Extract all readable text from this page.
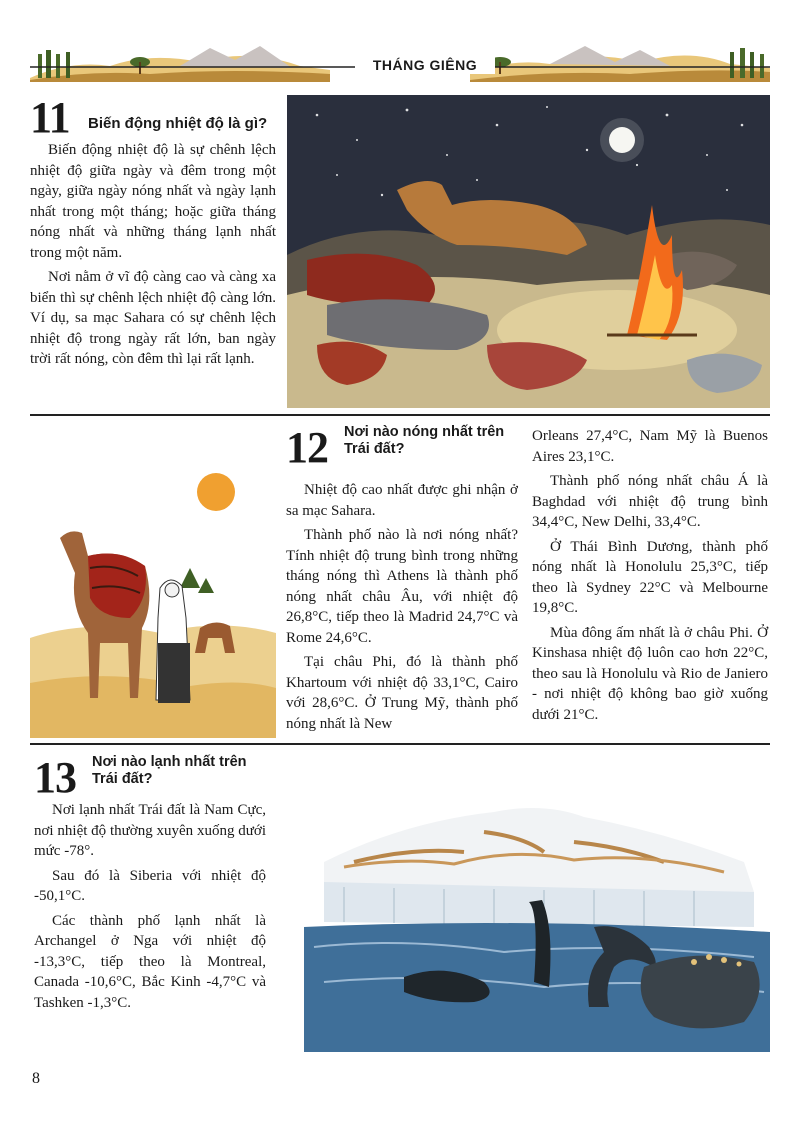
THÁNG GIÊNG
11 Biến động nhiệt độ là gì?

Biến động nhiệt độ là sự chênh lệch nhiệt độ giữa ngày và đêm trong một ngày, giữa ngày nóng nhất và ngày lạnh nhất trong một tháng; hoặc giữa tháng nóng nhất và những tháng lạnh nhất trong một năm.

Nơi nằm ở vĩ độ càng cao và càng xa biển thì sự chênh lệch nhiệt độ càng lớn. Ví dụ, sa mạc Sahara có sự chênh lệch nhiệt độ trong ngày rất lớn, ban ngày trời rất nóng, còn đêm thì lại rất lạnh.

12 Nơi nào nóng nhất trên
Trái đất?

Nhiệt độ cao nhất được ghi nhận ở sa mạc Sahara.

Thành phố nào là nơi nóng nhất? Tính nhiệt độ trung bình trong những tháng nóng thì Athens là thành phố nóng nhất châu Âu, với nhiệt độ 26,8°C, tiếp theo là Madrid 24,7°C và Rome 24,6°C.

Tại châu Phi, đó là thành phố Khartoum với nhiệt độ 33,1°C, Cairo với 28,6°C. Ở Trung Mỹ, thành phố nóng nhất là New

Orleans 27,4°C, Nam Mỹ là Buenos Aires 23,1°C.

Thành phố nóng nhất châu Á là Baghdad với nhiệt độ trung bình 34,4°C, New Delhi, 33,4°C.

Ở Thái Bình Dương, thành phố nóng nhất là Honolulu 25,3°C, tiếp theo là Sydney 22°C và Melbourne 19,8°C.

Mùa đông ấm nhất là ở châu Phi. Ở Kinshasa nhiệt độ luôn cao hơn 22°C, theo sau là Honolulu và Rio de Janiero - nơi nhiệt độ không bao giờ xuống dưới 21°C.

13 Nơi nào lạnh nhất trên
Trái đất?

Nơi lạnh nhất Trái đất là Nam Cực, nơi nhiệt độ thường xuyên xuống dưới mức -78°.

Sau đó là Siberia với nhiệt độ -50,1°C.

Các thành phố lạnh nhất là Archangel ở Nga với nhiệt độ -13,3°C, tiếp theo là Montreal, Canada -10,6°C, Bắc Kinh -4,7°C và Tashken -1,3°C.

8
